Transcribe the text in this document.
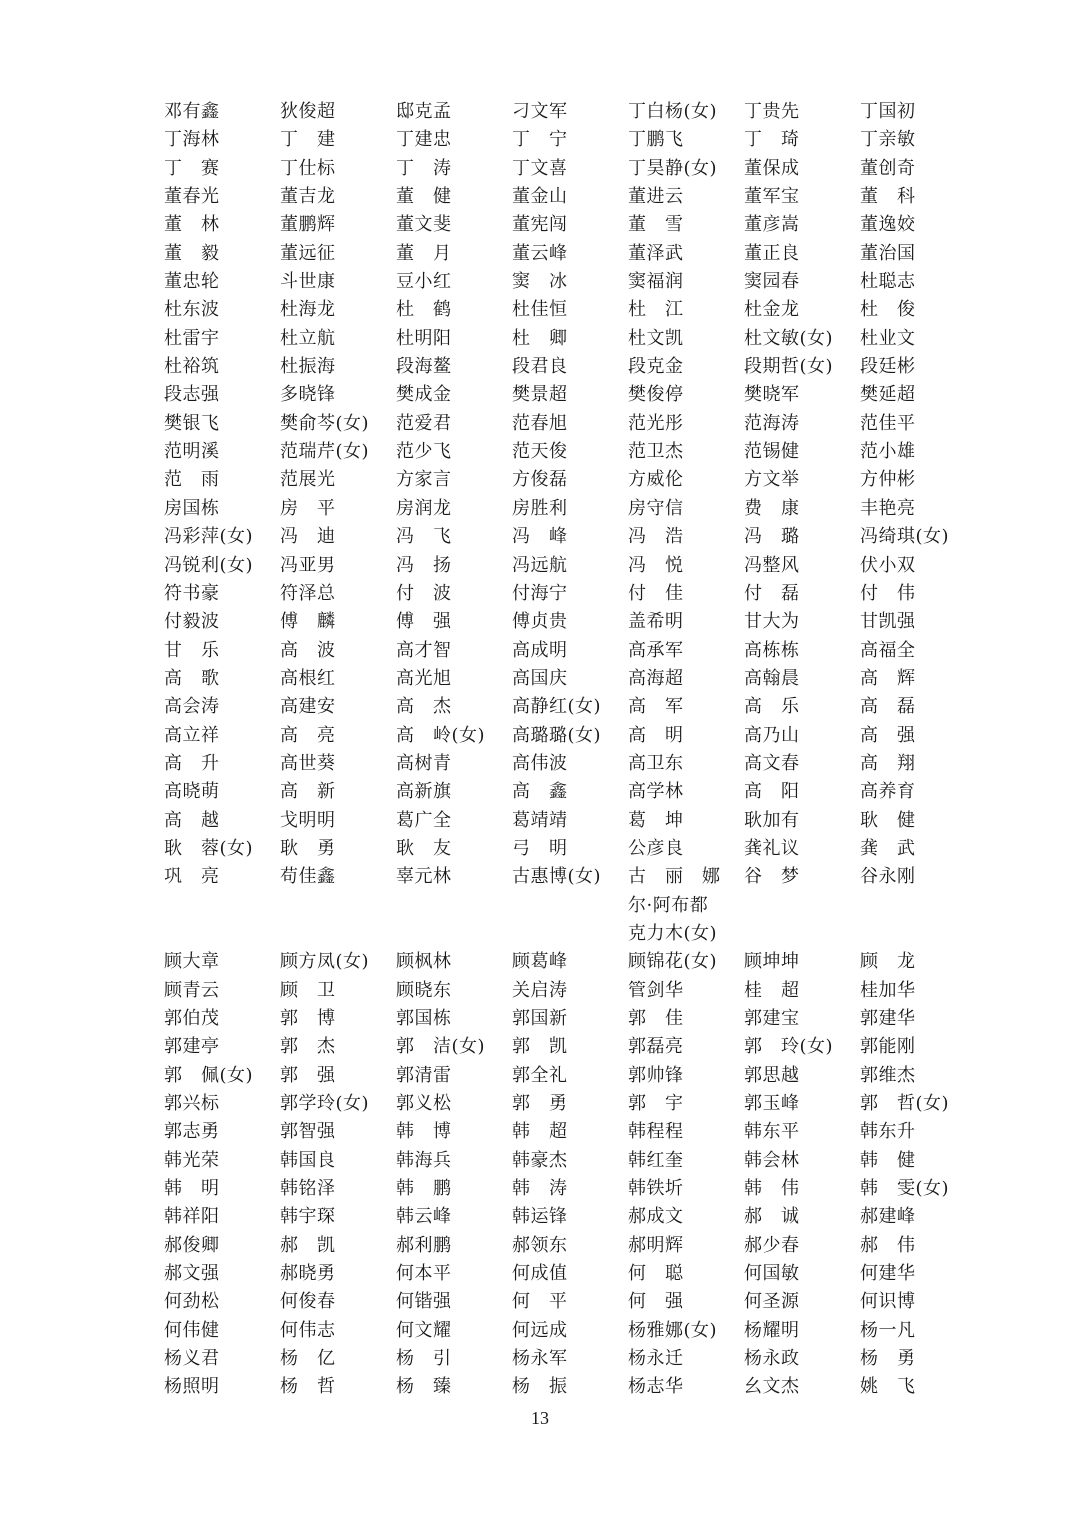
邓有鑫	狄俊超	邸克孟	刁文军	丁白杨(女)	丁贵先	丁国初
丁海林	丁　建	丁建忠	丁　宁	丁鹏飞	丁　琦	丁亲敏
丁　赛	丁仕标	丁　涛	丁文喜	丁昊静(女)	董保成	董创奇
董春光	董吉龙	董　健	董金山	董进云	董军宝	董　科
董　林	董鹏辉	董文斐	董宪闯	董　雪	董彦嵩	董逸姣
董　毅	董远征	董　月	董云峰	董泽武	董正良	董治国
董忠轮	斗世康	豆小红	窦　冰	窦福润	窦园春	杜聪志
杜东波	杜海龙	杜　鹤	杜佳恒	杜　江	杜金龙	杜　俊
杜雷宇	杜立航	杜明阳	杜　卿	杜文凯	杜文敏(女)	杜业文
杜裕筑	杜振海	段海鳌	段君良	段克金	段期哲(女)	段廷彬
段志强	多晓锋	樊成金	樊景超	樊俊停	樊晓军	樊延超
樊银飞	樊俞芩(女)	范爱君	范春旭	范光彤	范海涛	范佳平
范明溪	范瑞芹(女)	范少飞	范天俊	范卫杰	范锡健	范小雄
范　雨	范展光	方家言	方俊磊	方威伦	方文举	方仲彬
房国栋	房　平	房润龙	房胜利	房守信	费　康	丰艳亮
冯彩萍(女)	冯　迪	冯　飞	冯　峰	冯　浩	冯　璐	冯绮琪(女)
冯锐利(女)	冯亚男	冯　扬	冯远航	冯　悦	冯整风	伏小双
符书豪	符泽总	付　波	付海宁	付　佳	付　磊	付　伟
付毅波	傅　麟	傅　强	傅贞贵	盖希明	甘大为	甘凯强
甘　乐	高　波	高才智	高成明	高承军	高栋栋	高福全
高　歌	高根红	高光旭	高国庆	高海超	高翰晨	高　辉
高会涛	高建安	高　杰	高静红(女)	高　军	高　乐	高　磊
高立祥	高　亮	高　岭(女)	高璐璐(女)	高　明	高乃山	高　强
高　升	高世葵	高树青	高伟波	高卫东	高文春	高　翔
高晓萌	高　新	高新旗	高　鑫	高学林	高　阳	高养育
高　越	戈明明	葛广全	葛靖靖	葛　坤	耿加有	耿　健
耿　蓉(女)	耿　勇	耿　友	弓　明	公彦良	龚礼议	龚　武
巩　亮	苟佳鑫	辜元林	古惠博(女)	古　丽　娜　尔·阿布都　克力木(女)	谷　梦	谷永刚
顾大章	顾方凤(女)	顾枫林	顾葛峰	顾锦花(女)	顾坤坤	顾　龙
顾青云	顾　卫	顾晓东	关启涛	管剑华	桂　超	桂加华
郭伯茂	郭　博	郭国栋	郭国新	郭　佳	郭建宝	郭建华
郭建亭	郭　杰	郭　洁(女)	郭　凯	郭磊亮	郭　玲(女)	郭能刚
郭　佩(女)	郭　强	郭清雷	郭全礼	郭帅锋	郭思越	郭维杰
郭兴标	郭学玲(女)	郭义松	郭　勇	郭　宇	郭玉峰	郭　哲(女)
郭志勇	郭智强	韩　博	韩　超	韩程程	韩东平	韩东升
韩光荣	韩国良	韩海兵	韩豪杰	韩红奎	韩会林	韩　健
韩　明	韩铭泽	韩　鹏	韩　涛	韩铁圻	韩　伟	韩　雯(女)
韩祥阳	韩宇琛	韩云峰	韩运锋	郝成文	郝　诚	郝建峰
郝俊卿	郝　凯	郝利鹏	郝领东	郝明辉	郝少春	郝　伟
郝文强	郝晓勇	何本平	何成值	何　聪	何国敏	何建华
何劲松	何俊春	何锴强	何　平	何　强	何圣源	何识博
何伟健	何伟志	何文耀	何远成	杨雅娜(女)	杨耀明	杨一凡
杨义君	杨　亿	杨　引	杨永军	杨永迁	杨永政	杨　勇
杨照明	杨　哲	杨　臻	杨　振	杨志华	幺文杰	姚　飞
13
